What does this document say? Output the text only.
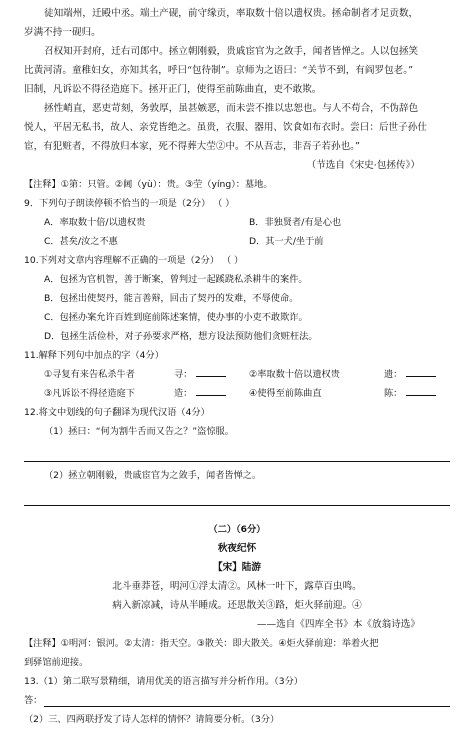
徒知端州，迁殿中丞。端土产砚，前守缘贡，率取数十倍以遗权贵。拯命制者才足贡数，
岁满不持一砚归。
召权知开封府，迁右司郎中。拯立朝刚毅，贵戚宦官为之敛手，闻者皆惮之。人以包拯笑
比黄河清。童稚妇女，亦知其名，呼曰“包待制”。京师为之语曰：“关节不到，有阎罗包老。”
旧制，凡诉讼不得径造庭下。拯开正门，使得至前陈曲直，吏不敢欺。
拯性峭直，恶吏苛刻，务敦厚，虽甚嫉恶，而未尝不推以忠恕也。与人不苟合，不伪辞色
悦人，平居无私书，故人、亲党皆绝之。虽贵，衣服、器用、饮食如布衣时。尝曰：后世子孙仕
宦，有犯赃者，不得放归本家，死不得葬大茔②中。不从吾志，非吾子若孙也。”
（节选自《宋史·包拯传》）
【注释】①第：只管。②阃（yù）：贵。③茔（yíng）：墓地。
9．下列句子朗读停顿不恰当的一项是（2分） （ ）
A．率取数十倍/以遗权贵	B．非独贤者/有是心也
C．甚矣/汝之不惠	D．其一犬/坐于前
10.下列对文章内容理解不正确的一项是（2分） （ ）
A．包拯为官机智，善于断案，曾判过一起蹊跷私杀耕牛的案件。
B．包拯出使契丹，能言善辩，回击了契丹的发难，不辱使命。
C．包拯办案允许百姓到庭前陈述案情，使办事的小吏不敢欺诈。
D．包拯生活俭朴，对子孙要求严格，想方设法预防他们贪赃枉法。
11.解释下列句中加点的字（4分）
①寻复有来告私杀牛者	寻：	②率取数十倍以遗权贵	遗：
③凡诉讼不得径造庭下	造：	④使得至前陈曲直	陈：
12.将文中划线的句子翻译为现代汉语（4分）
（1）拯曰：“何为割牛舌而又告之？”盗惊服。
（2）拯立朝刚毅，贵戚宦官为之敛手，闻者皆惮之。
（二）（6分）
秋夜纪怀
【宋】陆游
北斗垂莽苍，明河①浮太清②。风林一叶下，露草百虫鸣。
病入新凉减，诗从半睡成。还思散关③路，炬火驿前迎。④
——选自《四库全书》本《放翁诗选》
【注释】①明河：银河。②太清：指天空。③散关：即大散关。④炬火驿前迎：举着火把
到驿馆前迎接。
13.（1）第二联写景精细，请用优美的语言描写并分析作用。（3分）
答：
（2）三、四两联抒发了诗人怎样的情怀？请简要分析。（3分）
